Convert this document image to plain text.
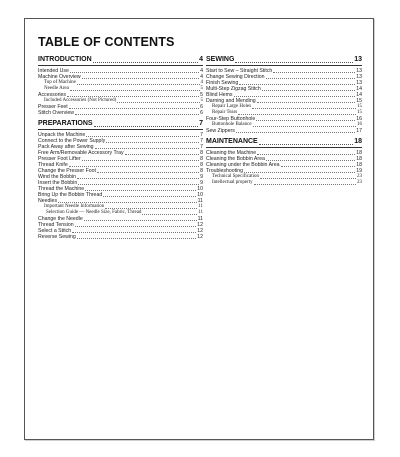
TABLE OF CONTENTS
INTRODUCTION	4
Intended Use	4
Machine Overview	4
Top of Machine	4
Needle Area	5
Accessories	5
Included Accessories (Not Pictured)	5
Presser Feet	6
Stitch Overview	6
PREPARATIONS	7
Unpack the Machine	7
Connect to the Power Supply	7
Pack Away after Sewing	7
Free Arm/Removable Accessory Tray	8
Presser Foot Lifter	8
Thread Knife	8
Change the Presser Foot	8
Wind the Bobbin	9
Insert the Bobbin	9
Thread the Machine	10
Bring Up the Bobbin Thread	10
Needles	11
Important Needle Information	11
Selection Guide — Needle Size, Fabric, Thread	11
Change the Needle	11
Thread Tension	12
Select a Stitch	12
Reverse Sewing	12
SEWING	13
Start to Sew – Straight Stitch	13
Change Sewing Direction	13
Finish Sewing	13
Multi-Step Zigzag Stitch	14
Blind Hems	14
Darning and Mending	15
Repair Large Holes	15
Repair Tears	15
Four-Step Buttonhole	16
Buttonhole Balance	16
Sew Zippers	17
MAINTENANCE	18
Cleaning the Machine	18
Cleaning the Bobbin Area	18
Cleaning under the Bobbin Area	18
Troubleshooting	19
Technical Specification	23
Intellectual property	23
